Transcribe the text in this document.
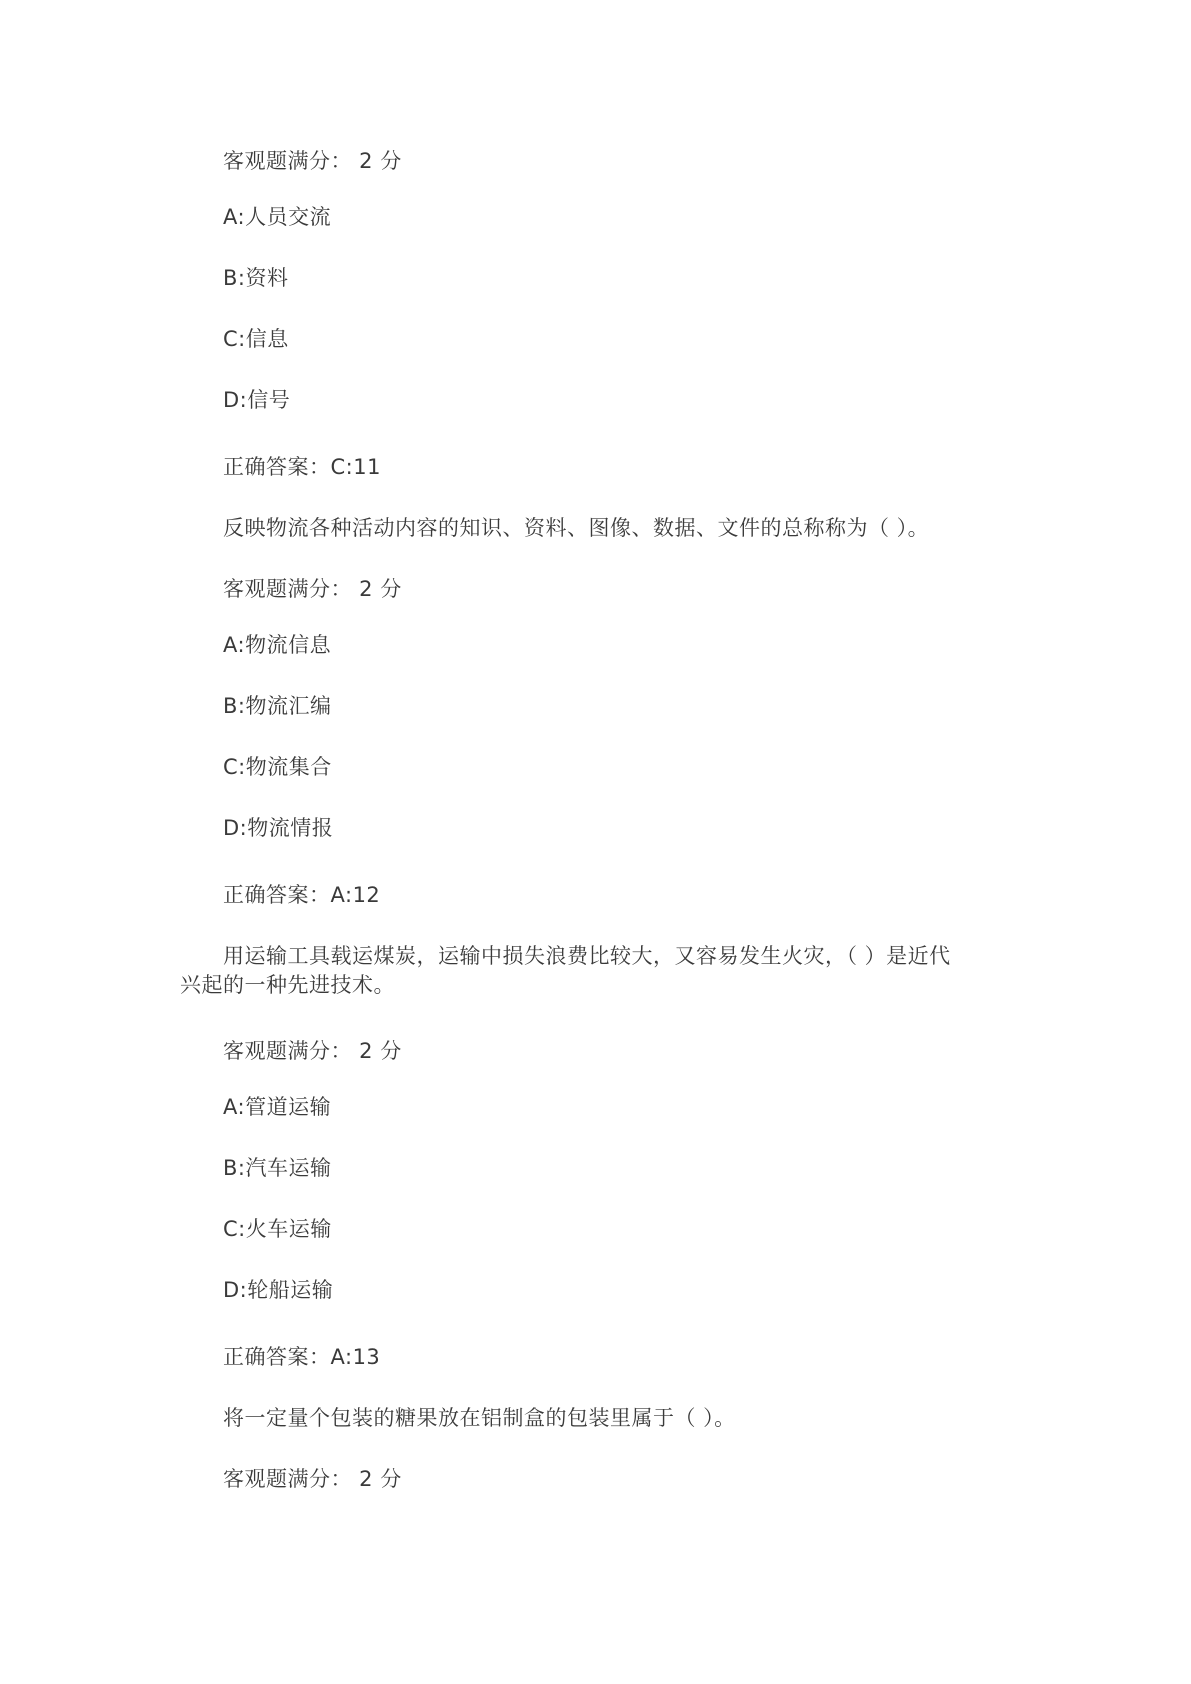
客观题满分： 2 分
A:人员交流
B:资料
C:信息
D:信号
正确答案：C:11
反映物流各种活动内容的知识、资料、图像、数据、文件的总称称为（ ）。
客观题满分： 2 分
A:物流信息
B:物流汇编
C:物流集合
D:物流情报
正确答案：A:12
用运输工具载运煤炭，运输中损失浪费比较大，又容易发生火灾，（ ）是近代
兴起的一种先进技术。
客观题满分： 2 分
A:管道运输
B:汽车运输
C:火车运输
D:轮船运输
正确答案：A:13
将一定量个包装的糖果放在铝制盒的包装里属于（ ）。
客观题满分： 2 分
